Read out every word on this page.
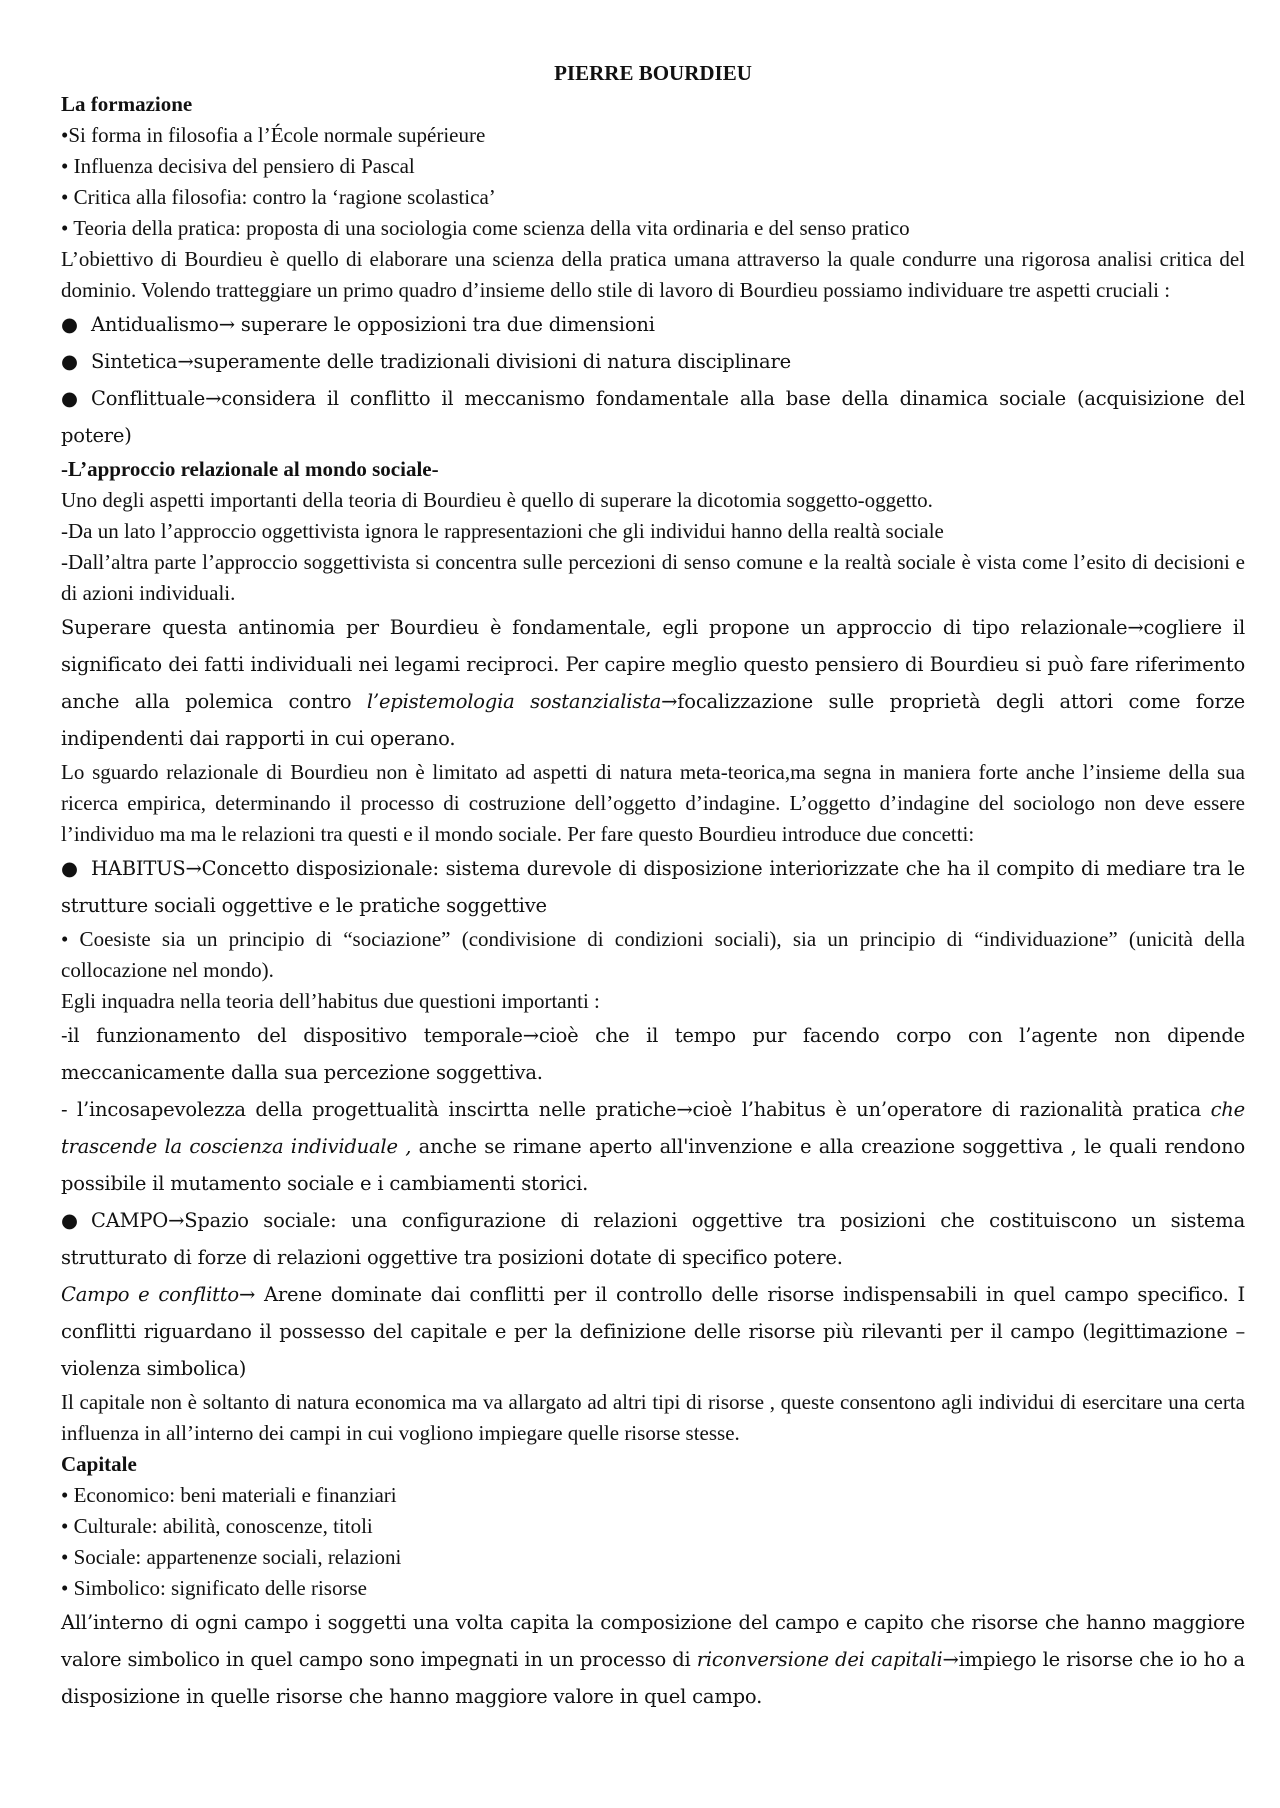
PIERRE BOURDIEU

La formazione

•Si forma in filosofia a l’École normale supérieure

• Influenza decisiva del pensiero di Pascal

• Critica alla filosofia: contro la ‘ragione scolastica’

• Teoria della pratica: proposta di una sociologia come scienza della vita ordinaria e del senso pratico

L’obiettivo di Bourdieu è quello di elaborare una scienza della pratica umana attraverso la quale condurre una rigorosa analisi critica del dominio. Volendo tratteggiare un primo quadro d’insieme dello stile di lavoro di Bourdieu possiamo individuare tre aspetti cruciali :

● Antidualismo→ superare le opposizioni tra due dimensioni

● Sintetica→superamente delle tradizionali divisioni di natura disciplinare

● Conflittuale→considera il conflitto il meccanismo fondamentale alla base della dinamica sociale (acquisizione del potere)

-L’approccio relazionale al mondo sociale-

Uno degli aspetti importanti della teoria di Bourdieu è quello di superare la dicotomia soggetto-oggetto.

-Da un lato l’approccio oggettivista ignora le rappresentazioni che gli individui hanno della realtà sociale

-Dall’altra parte l’approccio soggettivista si concentra sulle percezioni di senso comune e la realtà sociale è vista come l’esito di decisioni e di azioni individuali.

Superare questa antinomia per Bourdieu è fondamentale, egli propone un approccio di tipo relazionale→cogliere il significato dei fatti individuali nei legami reciproci. Per capire meglio questo pensiero di Bourdieu si può fare riferimento anche alla polemica contro l’epistemologia sostanzialista→focalizzazione sulle proprietà degli attori come forze indipendenti dai rapporti in cui operano.

Lo sguardo relazionale di Bourdieu non è limitato ad aspetti di natura meta-teorica,ma segna in maniera forte anche l’insieme della sua ricerca empirica, determinando il processo di costruzione dell’oggetto d’indagine. L’oggetto d’indagine del sociologo non deve essere l’individuo ma ma le relazioni tra questi e il mondo sociale. Per fare questo Bourdieu introduce due concetti:

● HABITUS→Concetto disposizionale: sistema durevole di disposizione interiorizzate che ha il compito di mediare tra le strutture sociali oggettive e le pratiche soggettive

• Coesiste sia un principio di “sociazione” (condivisione di condizioni sociali), sia un principio di “individuazione” (unicità della collocazione nel mondo).

Egli inquadra nella teoria dell’habitus due questioni importanti :

-il funzionamento del dispositivo temporale→cioè che il tempo pur facendo corpo con l’agente non dipende meccanicamente dalla sua percezione soggettiva.

- l’incosapevolezza della progettualità inscirtta nelle pratiche→cioè l’habitus è un’operatore di razionalità pratica che trascende la coscienza individuale , anche se rimane aperto all'invenzione e alla creazione soggettiva , le quali rendono possibile il mutamento sociale e i cambiamenti storici.

● CAMPO→Spazio sociale: una configurazione di relazioni oggettive tra posizioni che costituiscono un sistema strutturato di forze di relazioni oggettive tra posizioni dotate di specifico potere.

Campo e conflitto→ Arene dominate dai conflitti per il controllo delle risorse indispensabili in quel campo specifico. I conflitti riguardano il possesso del capitale e per la definizione delle risorse più rilevanti per il campo (legittimazione – violenza simbolica)

Il capitale non è soltanto di natura economica ma va allargato ad altri tipi di risorse , queste consentono agli individui di esercitare una certa influenza in all’interno dei campi in cui vogliono impiegare quelle risorse stesse.

Capitale

• Economico: beni materiali e finanziari

• Culturale: abilità, conoscenze, titoli

• Sociale: appartenenze sociali, relazioni

• Simbolico: significato delle risorse

All’interno di ogni campo i soggetti una volta capita la composizione del campo e capito che risorse che hanno maggiore valore simbolico in quel campo sono impegnati in un processo di riconversione dei capitali→impiego le risorse che io ho a disposizione in quelle risorse che hanno maggiore valore in quel campo.
